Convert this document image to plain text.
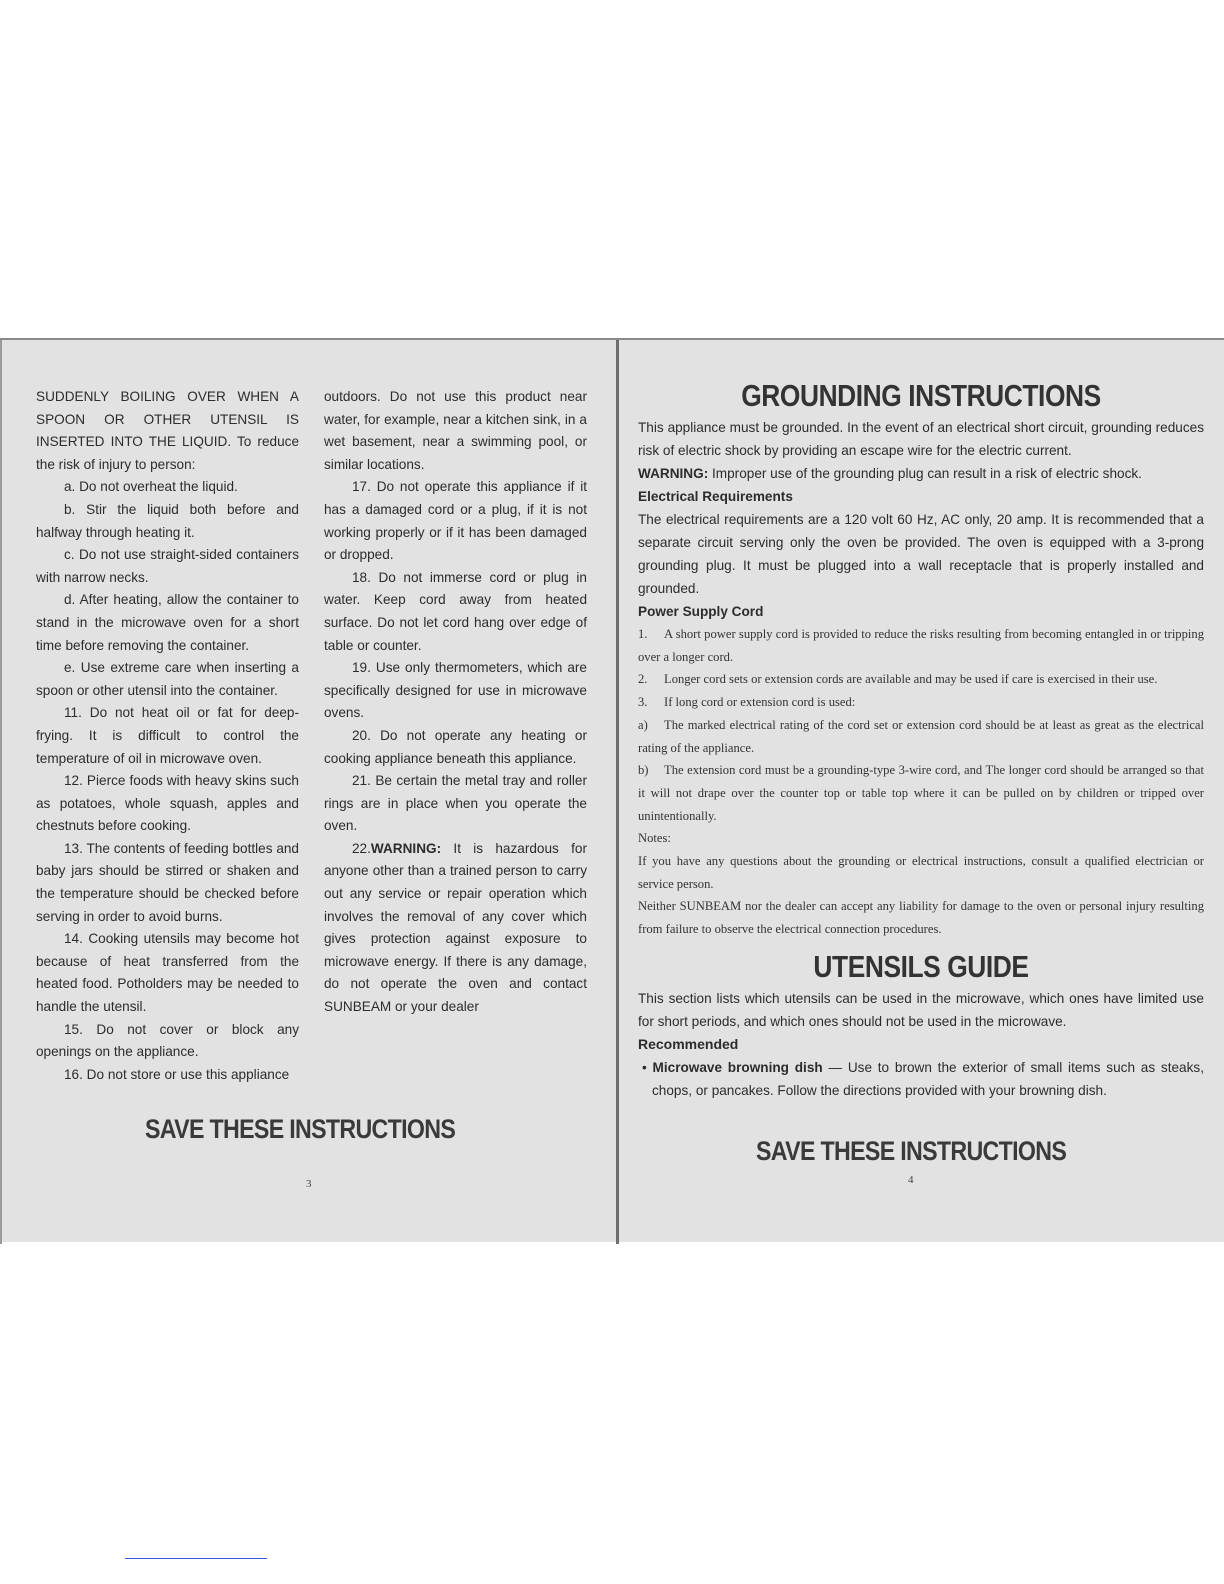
SUDDENLY BOILING OVER WHEN A SPOON OR OTHER UTENSIL IS INSERTED INTO THE LIQUID. To reduce the risk of injury to person:

a. Do not overheat the liquid.

b. Stir the liquid both before and halfway through heating it.

c. Do not use straight-sided containers with narrow necks.

d. After heating, allow the container to stand in the microwave oven for a short time before removing the container.

e. Use extreme care when inserting a spoon or other utensil into the container.

11. Do not heat oil or fat for deep-frying. It is difficult to control the temperature of oil in microwave oven.

12. Pierce foods with heavy skins such as potatoes, whole squash, apples and chestnuts before cooking.

13. The contents of feeding bottles and baby jars should be stirred or shaken and the temperature should be checked before serving in order to avoid burns.

14. Cooking utensils may become hot because of heat transferred from the heated food. Potholders may be needed to handle the utensil.

15. Do not cover or block any openings on the appliance.

16. Do not store or use this appliance

outdoors. Do not use this product near water, for example, near a kitchen sink, in a wet basement, near a swimming pool, or similar locations.

17. Do not operate this appliance if it has a damaged cord or a plug, if it is not working properly or if it has been damaged or dropped.

18. Do not immerse cord or plug in water. Keep cord away from heated surface. Do not let cord hang over edge of table or counter.

19. Use only thermometers, which are specifically designed for use in microwave ovens.

20. Do not operate any heating or cooking appliance beneath this appliance.

21. Be certain the metal tray and roller rings are in place when you operate the oven.

22.WARNING: It is hazardous for anyone other than a trained person to carry out any service or repair operation which involves the removal of any cover which gives protection against exposure to microwave energy. If there is any damage, do not operate the oven and contact SUNBEAM or your dealer

SAVE THESE INSTRUCTIONS
3
GROUNDING INSTRUCTIONS

This appliance must be grounded. In the event of an electrical short circuit, grounding reduces risk of electric shock by providing an escape wire for the electric current.

WARNING: Improper use of the grounding plug can result in a risk of electric shock.

Electrical Requirements

The electrical requirements are a 120 volt 60 Hz, AC only, 20 amp. It is recommended that a separate circuit serving only the oven be provided. The oven is equipped with a 3-prong grounding plug. It must be plugged into a wall receptacle that is properly installed and grounded.

Power Supply Cord

1. A short power supply cord is provided to reduce the risks resulting from becoming entangled in or tripping over a longer cord.

2. Longer cord sets or extension cords are available and may be used if care is exercised in their use.

3. If long cord or extension cord is used:

a) The marked electrical rating of the cord set or extension cord should be at least as great as the electrical rating of the appliance.

b) The extension cord must be a grounding-type 3-wire cord, and The longer cord should be arranged so that it will not drape over the counter top or table top where it can be pulled on by children or tripped over unintentionally.

Notes:

If you have any questions about the grounding or electrical instructions, consult a qualified electrician or service person.

Neither SUNBEAM nor the dealer can accept any liability for damage to the oven or personal injury resulting from failure to observe the electrical connection procedures.

UTENSILS GUIDE

This section lists which utensils can be used in the microwave, which ones have limited use for short periods, and which ones should not be used in the microwave.

Recommended

• Microwave browning dish — Use to brown the exterior of small items such as steaks, chops, or pancakes. Follow the directions provided with your browning dish.

SAVE THESE INSTRUCTIONS
4
